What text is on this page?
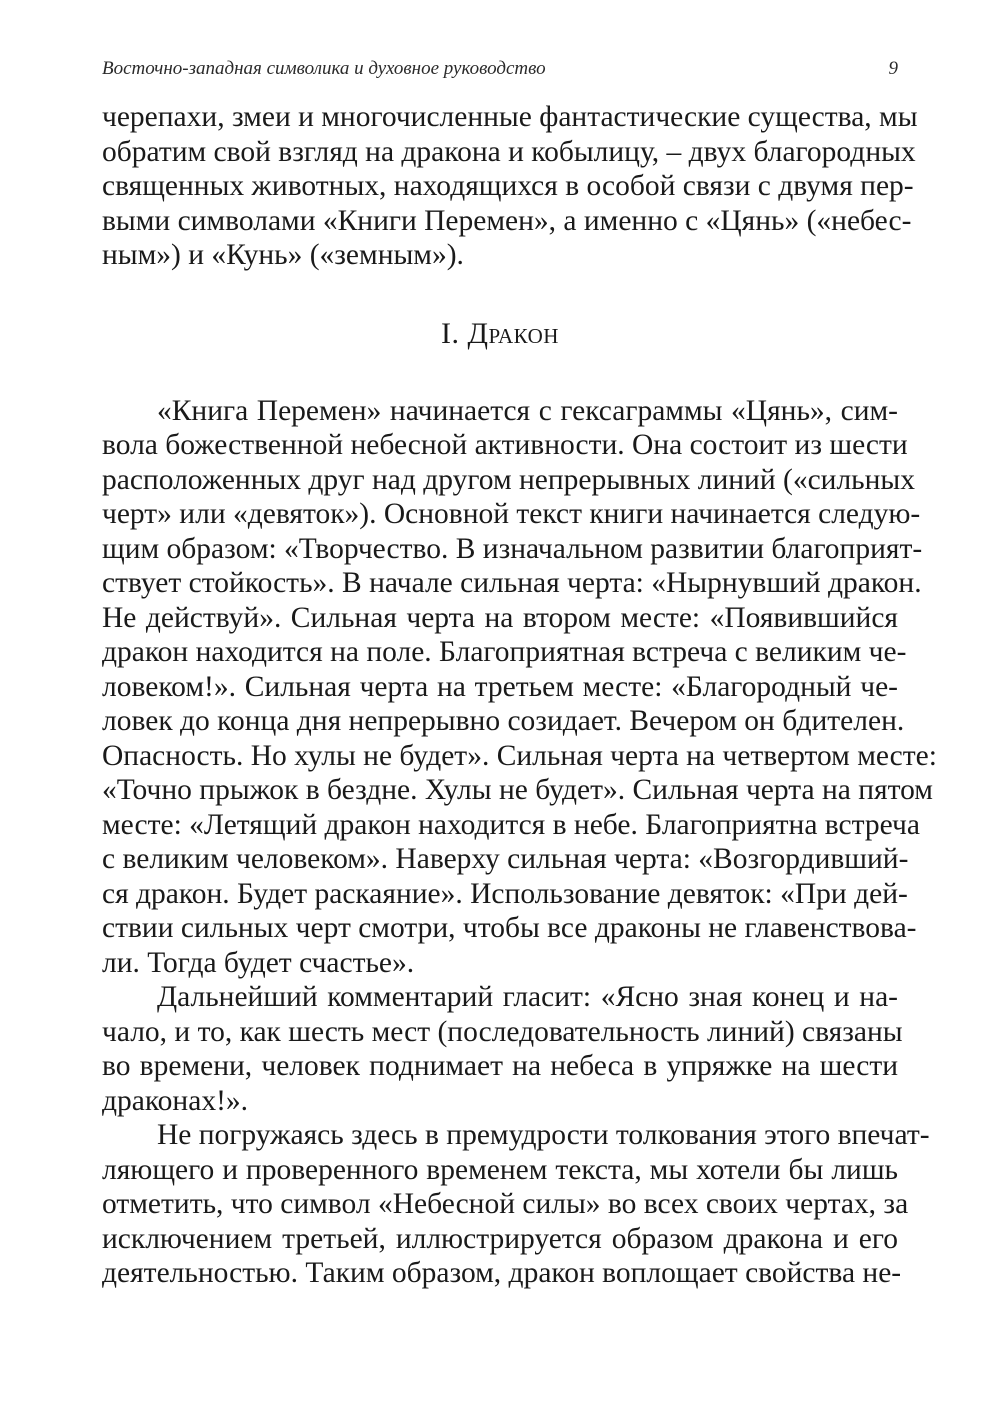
Восточно-западная символика и духовное руководство	9
черепахи, змеи и многочисленные фантастические существа, мы
обратим свой взгляд на дракона и кобылицу, – двух благородных
священных животных, находящихся в особой связи с двумя пер-
выми символами «Книги Перемен», а именно с «Цянь» («небес-
ным») и «Кунь» («земным»).
I. Дракон
«Книга Перемен» начинается с гексаграммы «Цянь», сим-
вола божественной небесной активности. Она состоит из шести
расположенных друг над другом непрерывных линий («сильных
черт» или «девяток»). Основной текст книги начинается следую-
щим образом: «Творчество. В изначальном развитии благоприят-
ствует стойкость». В начале сильная черта: «Нырнувший дракон.
Не действуй». Сильная черта на втором месте: «Появившийся
дракон находится на поле. Благоприятная встреча с великим че-
ловеком!». Сильная черта на третьем месте: «Благородный че-
ловек до конца дня непрерывно созидает. Вечером он бдителен.
Опасность. Но хулы не будет». Сильная черта на четвертом месте:
«Точно прыжок в бездне. Хулы не будет». Сильная черта на пятом
месте: «Летящий дракон находится в небе. Благоприятна встреча
с великим человеком». Наверху сильная черта: «Возгордивший-
ся дракон. Будет раскаяние». Использование девяток: «При дей-
ствии сильных черт смотри, чтобы все драконы не главенствова-
ли. Тогда будет счастье».
Дальнейший комментарий гласит: «Ясно зная конец и на-
чало, и то, как шесть мест (последовательность линий) связаны
во времени, человек поднимает на небеса в упряжке на шести
драконах!».
Не погружаясь здесь в премудрости толкования этого впечат-
ляющего и проверенного временем текста, мы хотели бы лишь
отметить, что символ «Небесной силы» во всех своих чертах, за
исключением третьей, иллюстрируется образом дракона и его
деятельностью. Таким образом, дракон воплощает свойства не-
